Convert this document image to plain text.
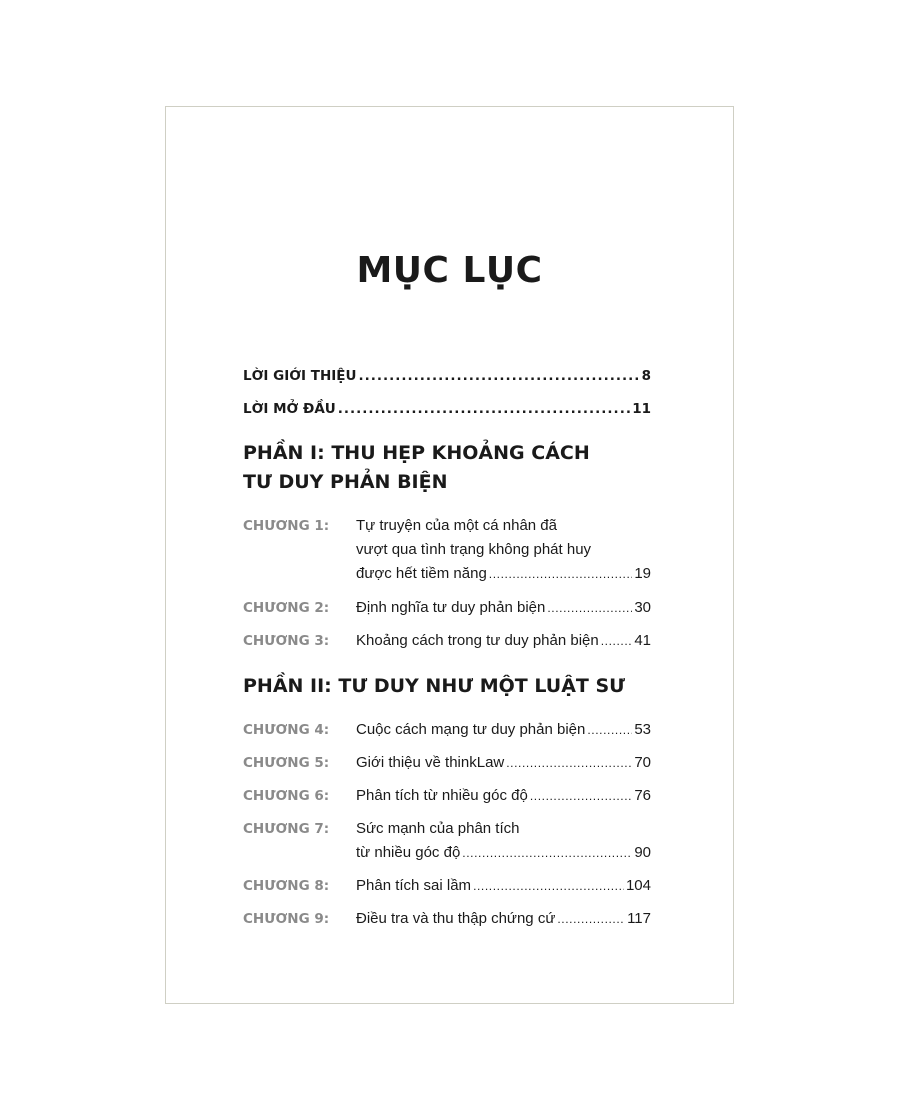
MỤC LỤC
LỜI GIỚI THIỆU .....	8
LỜI MỞ ĐẦU .....	11
PHẦN I: THU HẸP KHOẢNG CÁCH
TƯ DUY PHẢN BIỆN
CHƯƠNG 1: Tự truyện của một cá nhân đã
vượt qua tình trạng không phát huy
được hết tiềm năng .....	19
CHƯƠNG 2: Định nghĩa tư duy phản biện .....	30
CHƯƠNG 3: Khoảng cách trong tư duy phản biện ..... 41
PHẦN II: TƯ DUY NHƯ MỘT LUẬT SƯ
CHƯƠNG 4: Cuộc cách mạng tư duy phản biện .....	53
CHƯƠNG 5: Giới thiệu về thinkLaw .....	70
CHƯƠNG 6: Phân tích từ nhiều góc độ .....	76
CHƯƠNG 7: Sức mạnh của phân tích
từ nhiều góc độ .....	90
CHƯƠNG 8: Phân tích sai lầm .....	104
CHƯƠNG 9: Điều tra và thu thập chứng cứ .....	117
